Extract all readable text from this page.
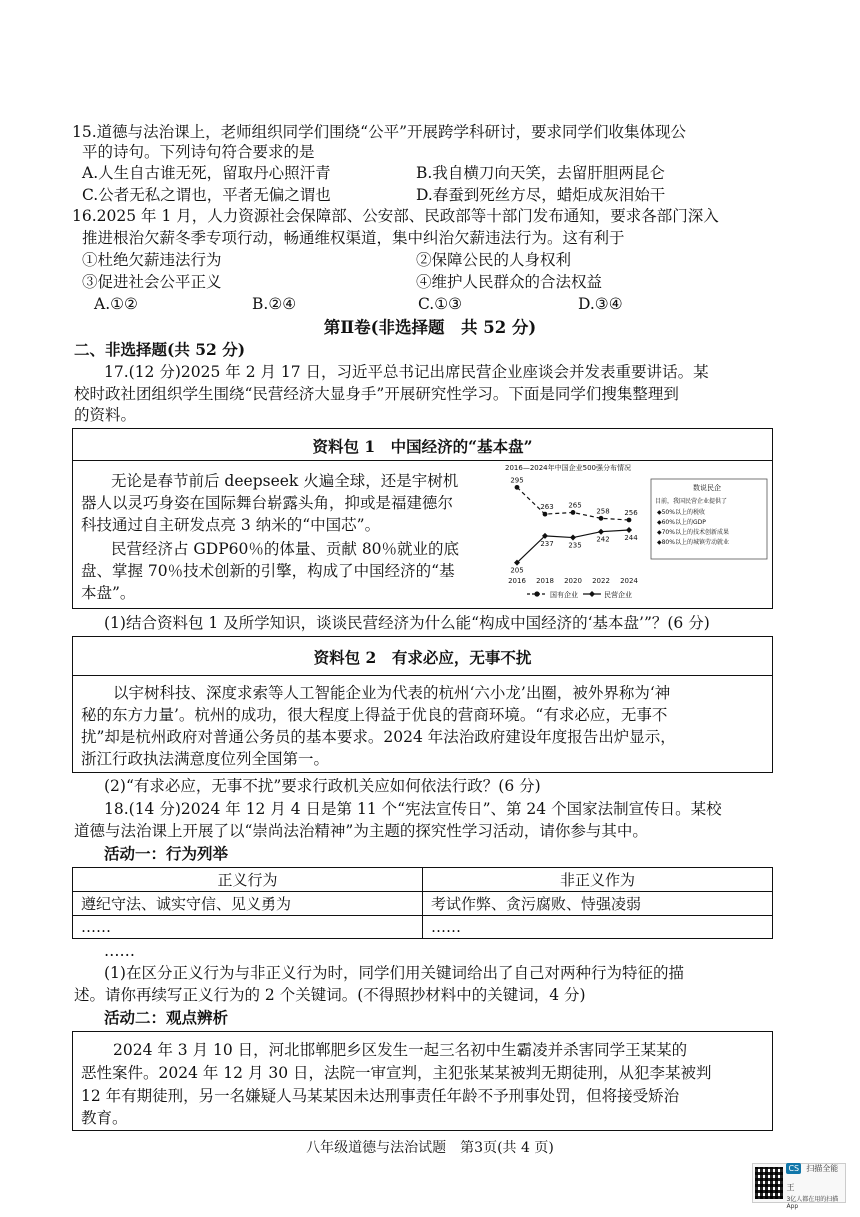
15.道德与法治课上，老师组织同学们围绕“公平”开展跨学科研讨，要求同学们收集体现公
平的诗句。下列诗句符合要求的是
A.人生自古谁无死，留取丹心照汗青	B.我自横刀向天笑，去留肝胆两昆仑
C.公者无私之谓也，平者无偏之谓也	D.春蚕到死丝方尽，蜡炬成灰泪始干
16.2025 年 1 月，人力资源社会保障部、公安部、民政部等十部门发布通知，要求各部门深入
推进根治欠薪冬季专项行动，畅通维权渠道，集中纠治欠薪违法行为。这有利于
①杜绝欠薪违法行为	②保障公民的人身权利
③促进社会公平正义	④维护人民群众的合法权益
A.①②	B.②④	C.①③	D.③④
第Ⅱ卷(非选择题　共 52 分)
二、非选择题(共 52 分)
17.(12 分)2025 年 2 月 17 日，习近平总书记出席民营企业座谈会并发表重要讲话。某
校时政社团组织学生围绕“民营经济大显身手”开展研究性学习。下面是同学们搜集整理到
的资料。
资料包 1　中国经济的“基本盘”
无论是春节前后 deepseek 火遍全球，还是宇树机
器人以灵巧身姿在国际舞台崭露头角，抑或是福建德尔
科技通过自主研发点亮 3 纳米的“中国芯”。
民营经济占 GDP60％的体量、贡献 80％就业的底
盘、掌握 70％技术创新的引擎，构成了中国经济的“基
本盘”。
2016—2024年中国企业500强分布情况
295
263 265
258 256
205
237 235
242 244
2016 2018 2020 2022 2024
数说民企
目前，我国民营企业提供了
◆50%以上的税收
◆60%以上的GDP
◆70%以上的技术创新成果
◆80%以上的城镇劳动就业
国有企业	民营企业
(1)结合资料包 1 及所学知识，谈谈民营经济为什么能“构成中国经济的‘基本盘’”？(6 分)
资料包 2　有求必应，无事不扰
以宇树科技、深度求索等人工智能企业为代表的杭州‘六小龙’出圈，被外界称为‘神
秘的东方力量’。杭州的成功，很大程度上得益于优良的营商环境。“有求必应，无事不
扰”却是杭州政府对普通公务员的基本要求。2024 年法治政府建设年度报告出炉显示，
浙江行政执法满意度位列全国第一。
(2)“有求必应，无事不扰”要求行政机关应如何依法行政？(6 分)
18.(14 分)2024 年 12 月 4 日是第 11 个“宪法宣传日”、第 24 个国家法制宣传日。某校
道德与法治课上开展了以“崇尚法治精神”为主题的探究性学习活动，请你参与其中。
活动一：行为列举
正义行为	非正义作为
遵纪守法、诚实守信、见义勇为	考试作弊、贪污腐败、恃强凌弱
……	……
……
(1)在区分正义行为与非正义行为时，同学们用关键词给出了自己对两种行为特征的描
述。请你再续写正义行为的 2 个关键词。(不得照抄材料中的关键词，4 分)
活动二：观点辨析
2024 年 3 月 10 日，河北邯郸肥乡区发生一起三名初中生霸凌并杀害同学王某某的
恶性案件。2024 年 12 月 30 日，法院一审宣判，主犯张某某被判无期徒刑，从犯李某被判
12 年有期徒刑，另一名嫌疑人马某某因未达刑事责任年龄不予刑事处罚，但将接受矫治
教育。
八年级道德与法治试题　第3页(共 4 页)
CS 扫描全能王
3亿人都在用的扫描App
